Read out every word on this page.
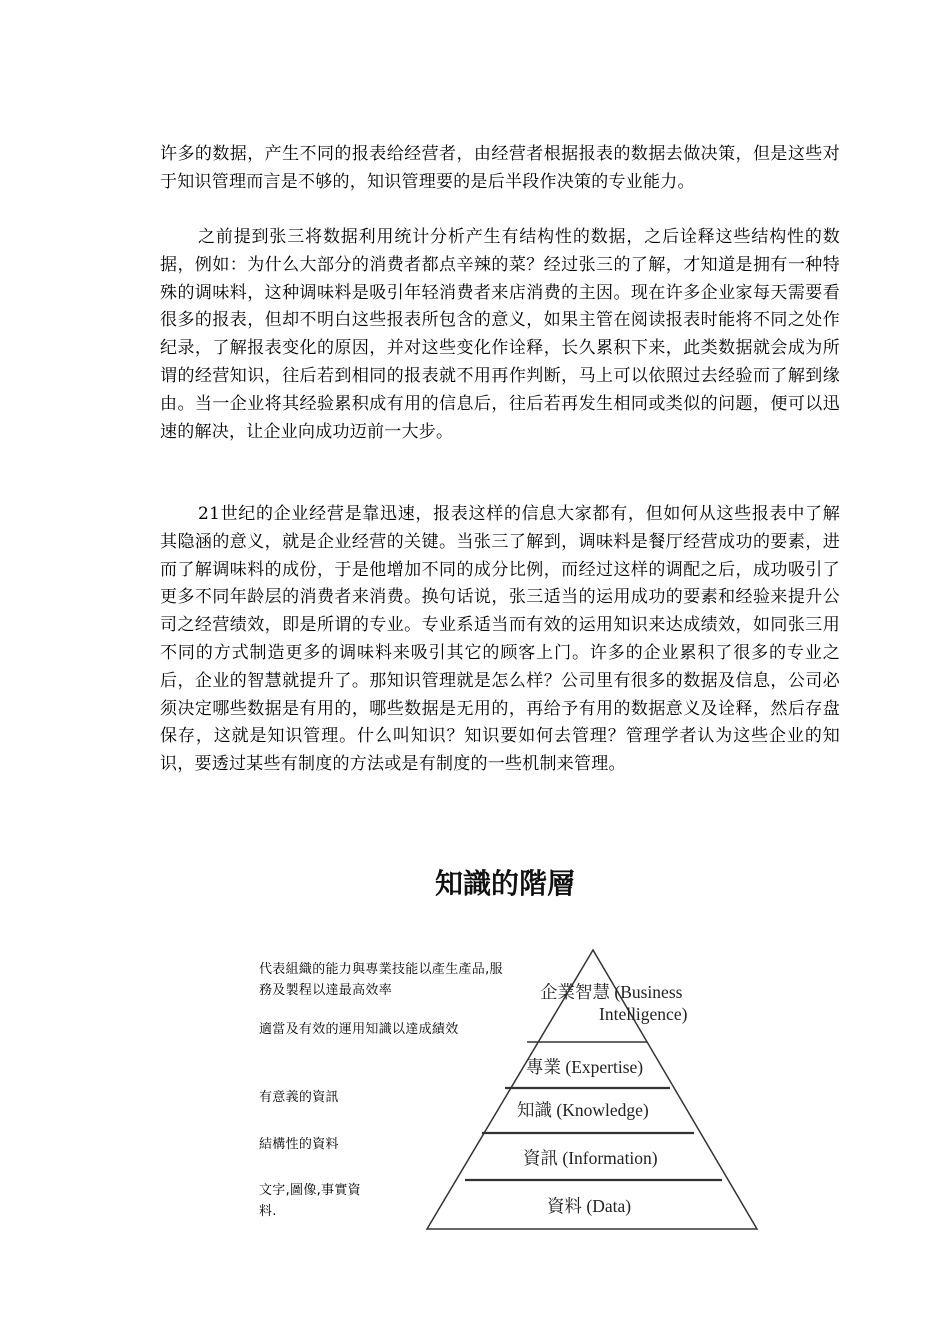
许多的数据，产生不同的报表给经营者，由经营者根据报表的数据去做决策，但是这些对于知识管理而言是不够的，知识管理要的是后半段作决策的专业能力。

之前提到张三将数据利用统计分析产生有结构性的数据，之后诠释这些结构性的数据，例如：为什么大部分的消费者都点辛辣的菜？经过张三的了解，才知道是拥有一种特殊的调味料，这种调味料是吸引年轻消费者来店消费的主因。现在许多企业家每天需要看很多的报表，但却不明白这些报表所包含的意义，如果主管在阅读报表时能将不同之处作纪录，了解报表变化的原因，并对这些变化作诠释，长久累积下来，此类数据就会成为所谓的经营知识，往后若到相同的报表就不用再作判断，马上可以依照过去经验而了解到缘由。当一企业将其经验累积成有用的信息后，往后若再发生相同或类似的问题，便可以迅速的解决，让企业向成功迈前一大步。

21世纪的企业经营是靠迅速，报表这样的信息大家都有，但如何从这些报表中了解其隐涵的意义，就是企业经营的关键。当张三了解到，调味料是餐厅经营成功的要素，进而了解调味料的成份，于是他增加不同的成分比例，而经过这样的调配之后，成功吸引了更多不同年龄层的消费者来消费。换句话说，张三适当的运用成功的要素和经验来提升公司之经营绩效，即是所谓的专业。专业系适当而有效的运用知识来达成绩效，如同张三用不同的方式制造更多的调味料来吸引其它的顾客上门。许多的企业累积了很多的专业之后，企业的智慧就提升了。那知识管理就是怎么样？公司里有很多的数据及信息，公司必须决定哪些数据是有用的，哪些数据是无用的，再给予有用的数据意义及诠释，然后存盘保存，这就是知识管理。什么叫知识？知识要如何去管理？管理学者认为这些企业的知识，要透过某些有制度的方法或是有制度的一些机制来管理。

知識的階層

代表組織的能力與專業技能以產生產品,服務及製程以達最高效率

適當及有效的運用知識以達成績效

有意義的資訊

結構性的資料

文字,圖像,事實資料.

企業智慧 (Business
Intelligence)
專業 (Expertise)
知識 (Knowledge)
資訊 (Information)
資料 (Data)
